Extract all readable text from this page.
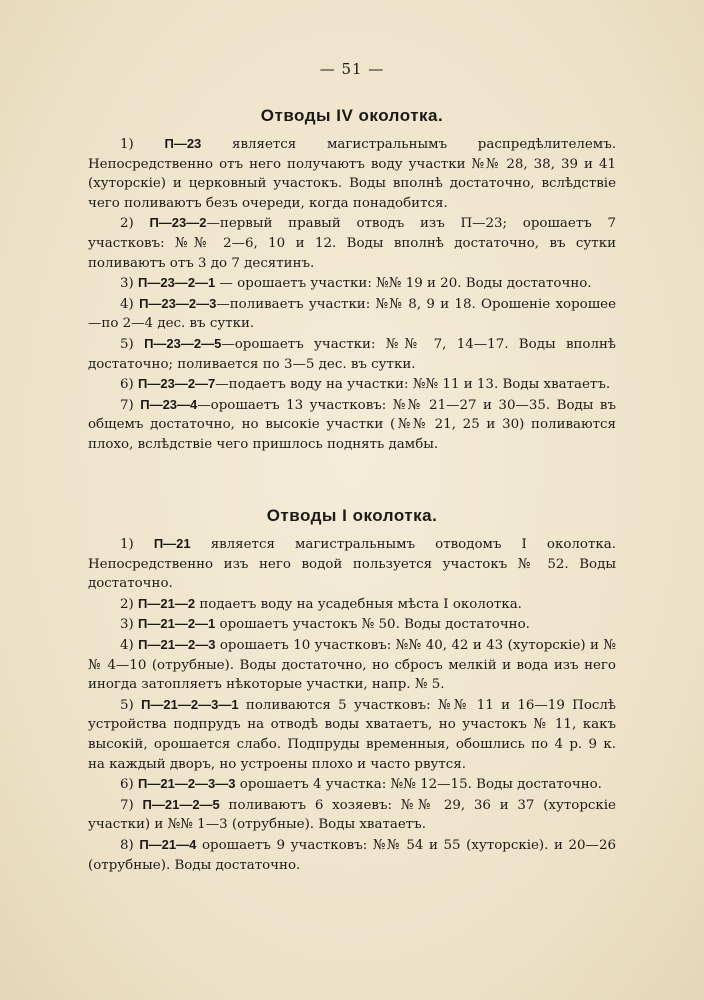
— 51 —
Отводы IV околотка.

1) П—23 является магистральнымъ распредѣлителемъ. Непосредственно отъ него получаютъ воду участки №№ 28, 38, 39 и 41 (хуторскіе) и церковный участокъ. Воды вполнѣ достаточно, вслѣдствіе чего поливаютъ безъ очереди, когда понадобится.

2) П—23—2—первый правый отводъ изъ П—23; орошаетъ 7 участковъ: №№ 2—6, 10 и 12. Воды вполнѣ достаточно, въ сутки поливаютъ отъ 3 до 7 десятинъ.

3) П—23—2—1 — орошаетъ участки: №№ 19 и 20. Воды достаточно.

4) П—23—2—3—поливаетъ участки: №№ 8, 9 и 18. Орошеніе хорошее—по 2—4 дес. въ сутки.

5) П—23—2—5—орошаетъ участки: №№ 7, 14—17. Воды вполнѣ достаточно; поливается по 3—5 дес. въ сутки.

6) П—23—2—7—подаетъ воду на участки: №№ 11 и 13. Воды хватаетъ.

7) П—23—4—орошаетъ 13 участковъ: №№ 21—27 и 30—35. Воды въ общемъ достаточно, но высокіе участки (№№ 21, 25 и 30) поливаются плохо, вслѣдствіе чего пришлось поднять дамбы.

Отводы I околотка.

1) П—21 является магистральнымъ отводомъ I околотка. Непосредственно изъ него водой пользуется участокъ № 52. Воды достаточно.

2) П—21—2 подаетъ воду на усадебныя мѣста I околотка.

3) П—21—2—1 орошаетъ участокъ № 50. Воды достаточно.

4) П—21—2—3 орошаетъ 10 участковъ: №№ 40, 42 и 43 (хуторскіе) и №№ 4—10 (отрубные). Воды достаточно, но сбросъ мелкій и вода изъ него иногда затопляетъ нѣкоторые участки, напр. № 5.

5) П—21—2—3—1 поливаются 5 участковъ: №№ 11 и 16—19 Послѣ устройства подпрудъ на отводѣ воды хватаетъ, но участокъ № 11, какъ высокій, орошается слабо. Подпруды временныя, обошлись по 4 р. 9 к. на каждый дворъ, но устроены плохо и часто рвутся.

6) П—21—2—3—3 орошаетъ 4 участка: №№ 12—15. Воды достаточно.

7) П—21—2—5 поливаютъ 6 хозяевъ: №№ 29, 36 и 37 (хуторскіе участки) и №№ 1—3 (отрубные). Воды хватаетъ.

8) П—21—4 орошаетъ 9 участковъ: №№ 54 и 55 (хуторскіе). и 20—26 (отрубные). Воды достаточно.
